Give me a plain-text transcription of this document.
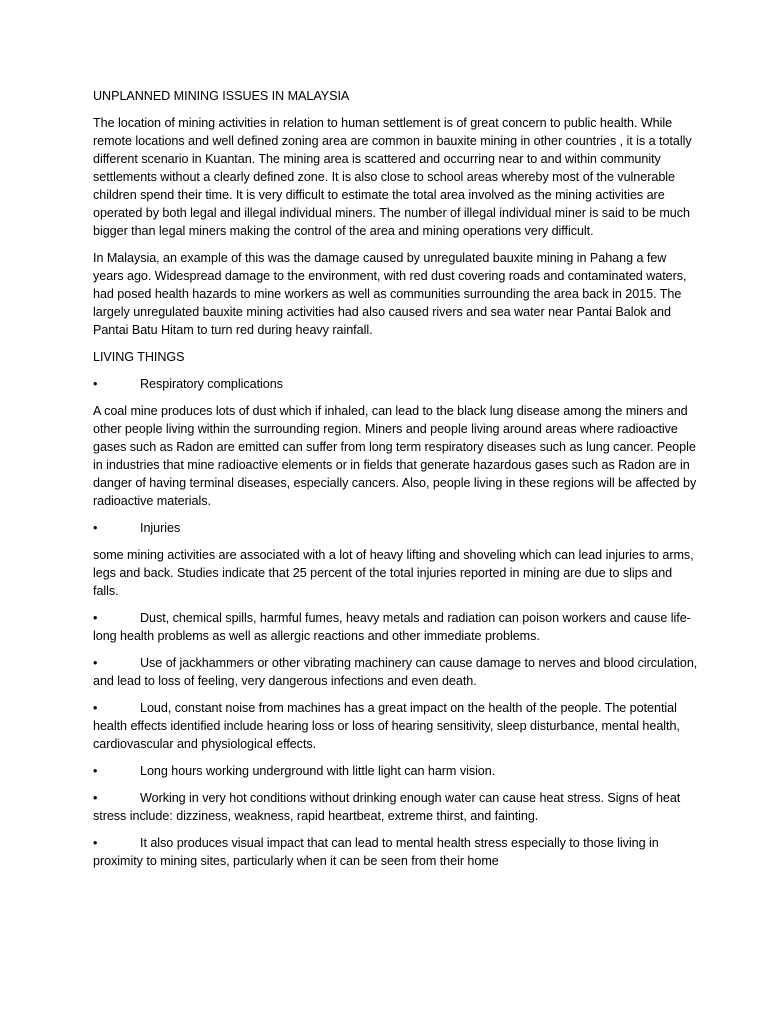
UNPLANNED MINING ISSUES IN MALAYSIA

The location of mining activities in relation to human settlement is of great concern to public health. While remote locations and well defined zoning area are common in bauxite mining in other countries , it is a totally different scenario in Kuantan. The mining area is scattered and occurring near to and within community settlements without a clearly defined zone. It is also close to school areas whereby most of the vulnerable children spend their time. It is very difficult to estimate the total area involved as the mining activities are operated by both legal and illegal individual miners. The number of illegal individual miner is said to be much bigger than legal miners making the control of the area and mining operations very difficult.

In Malaysia, an example of this was the damage caused by unregulated bauxite mining in Pahang a few years ago. Widespread damage to the environment, with red dust covering roads and contaminated waters, had posed health hazards to mine workers as well as communities surrounding the area back in 2015. The largely unregulated bauxite mining activities had also caused rivers and sea water near Pantai Balok and Pantai Batu Hitam to turn red during heavy rainfall.

LIVING THINGS
•	Respiratory complications

A coal mine produces lots of dust which if inhaled, can lead to the black lung disease among the miners and other people living within the surrounding region. Miners and people living around areas where radioactive gases such as Radon are emitted can suffer from long term respiratory diseases such as lung cancer. People in industries that mine radioactive elements or in fields that generate hazardous gases such as Radon are in danger of having terminal diseases, especially cancers. Also, people living in these regions will be affected by radioactive materials.

•	Injuries

some mining activities are associated with a lot of heavy lifting and shoveling which can lead injuries to arms, legs and back. Studies indicate that 25 percent of the total injuries reported in mining are due to slips and falls.

•	Dust, chemical spills, harmful fumes, heavy metals and radiation can poison workers and cause life-long health problems as well as allergic reactions and other immediate problems.
•	Use of jackhammers or other vibrating machinery can cause damage to nerves and blood circulation, and lead to loss of feeling, very dangerous infections and even death.
•	Loud, constant noise from machines has a great impact on the health of the people. The potential health effects identified include hearing loss or loss of hearing sensitivity, sleep disturbance, mental health, cardiovascular and physiological effects.
•	Long hours working underground with little light can harm vision.
•	Working in very hot conditions without drinking enough water can cause heat stress. Signs of heat stress include: dizziness, weakness, rapid heartbeat, extreme thirst, and fainting.
•	It also produces visual impact that can lead to mental health stress especially to those living in proximity to mining sites, particularly when it can be seen from their home
